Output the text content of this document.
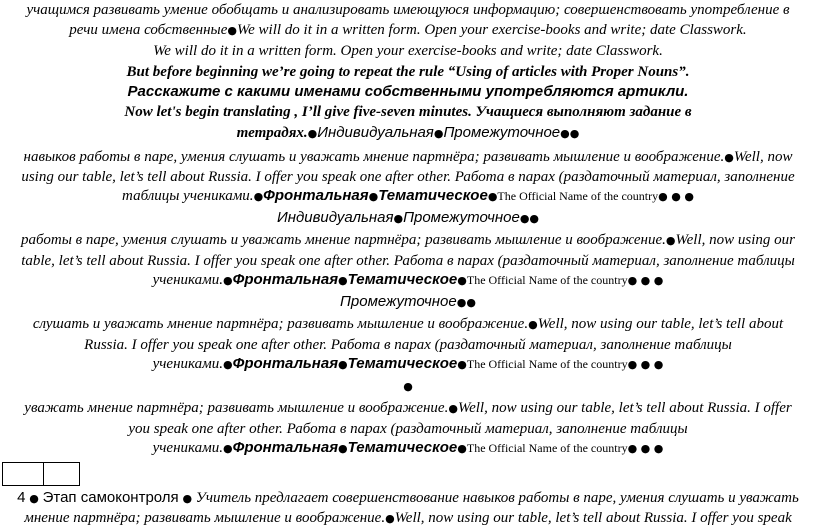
учащимся развивать умение обобщать и анализировать имеющуюся информацию; совершенствовать употребление в
речи имена собственные●We will do it in a written form. Open your exercise-books and write; date Classwork.
We will do it in a written form. Open your exercise-books and write; date Classwork.
But before beginning we’re going to repeat the rule “Using of articles with Proper Nouns”.
Расскажите с какими именами собственными употребляются артикли.
Now let's begin translating , I’ll give five-seven minutes. Учащиеся выполняют задание в
тетрадях.●Индивидуальная●Промежуточное●●
навыков работы в паре, умения слушать и уважать мнение партнёра; развивать мышление и воображение.●Well, now
using our table, let’s tell about Russia. I offer you speak one after other. Работа в парах (раздаточный материал, заполнение
таблицы учениками.●Фронтальная●Тематическое●The Official Name of the country● ● ●
Индивидуальная●Промежуточное●●
работы в паре, умения слушать и уважать мнение партнёра; развивать мышление и воображение.●Well, now using our
table, let’s tell about Russia. I offer you speak one after other. Работа в парах (раздаточный материал, заполнение таблицы
учениками.●Фронтальная●Тематическое●The Official Name of the country● ● ●
Промежуточное●●
слушать и уважать мнение партнёра; развивать мышление и воображение.●Well, now using our table, let’s tell about
Russia. I offer you speak one after other. Работа в парах (раздаточный материал, заполнение таблицы
учениками.●Фронтальная●Тематическое●The Official Name of the country● ● ●
●
уважать мнение партнёра; развивать мышление и воображение.●Well, now using our table, let’s tell about Russia. I offer
you speak one after other. Работа в парах (раздаточный материал, заполнение таблицы
учениками.●Фронтальная●Тематическое●The Official Name of the country● ● ●
4 ● Этап самоконтроля ● Учитель предлагает совершенствование навыков работы в паре, умения слушать и уважать
мнение партнёра; развивать мышление и воображение.●Well, now using our table, let’s tell about Russia. I offer you speak
